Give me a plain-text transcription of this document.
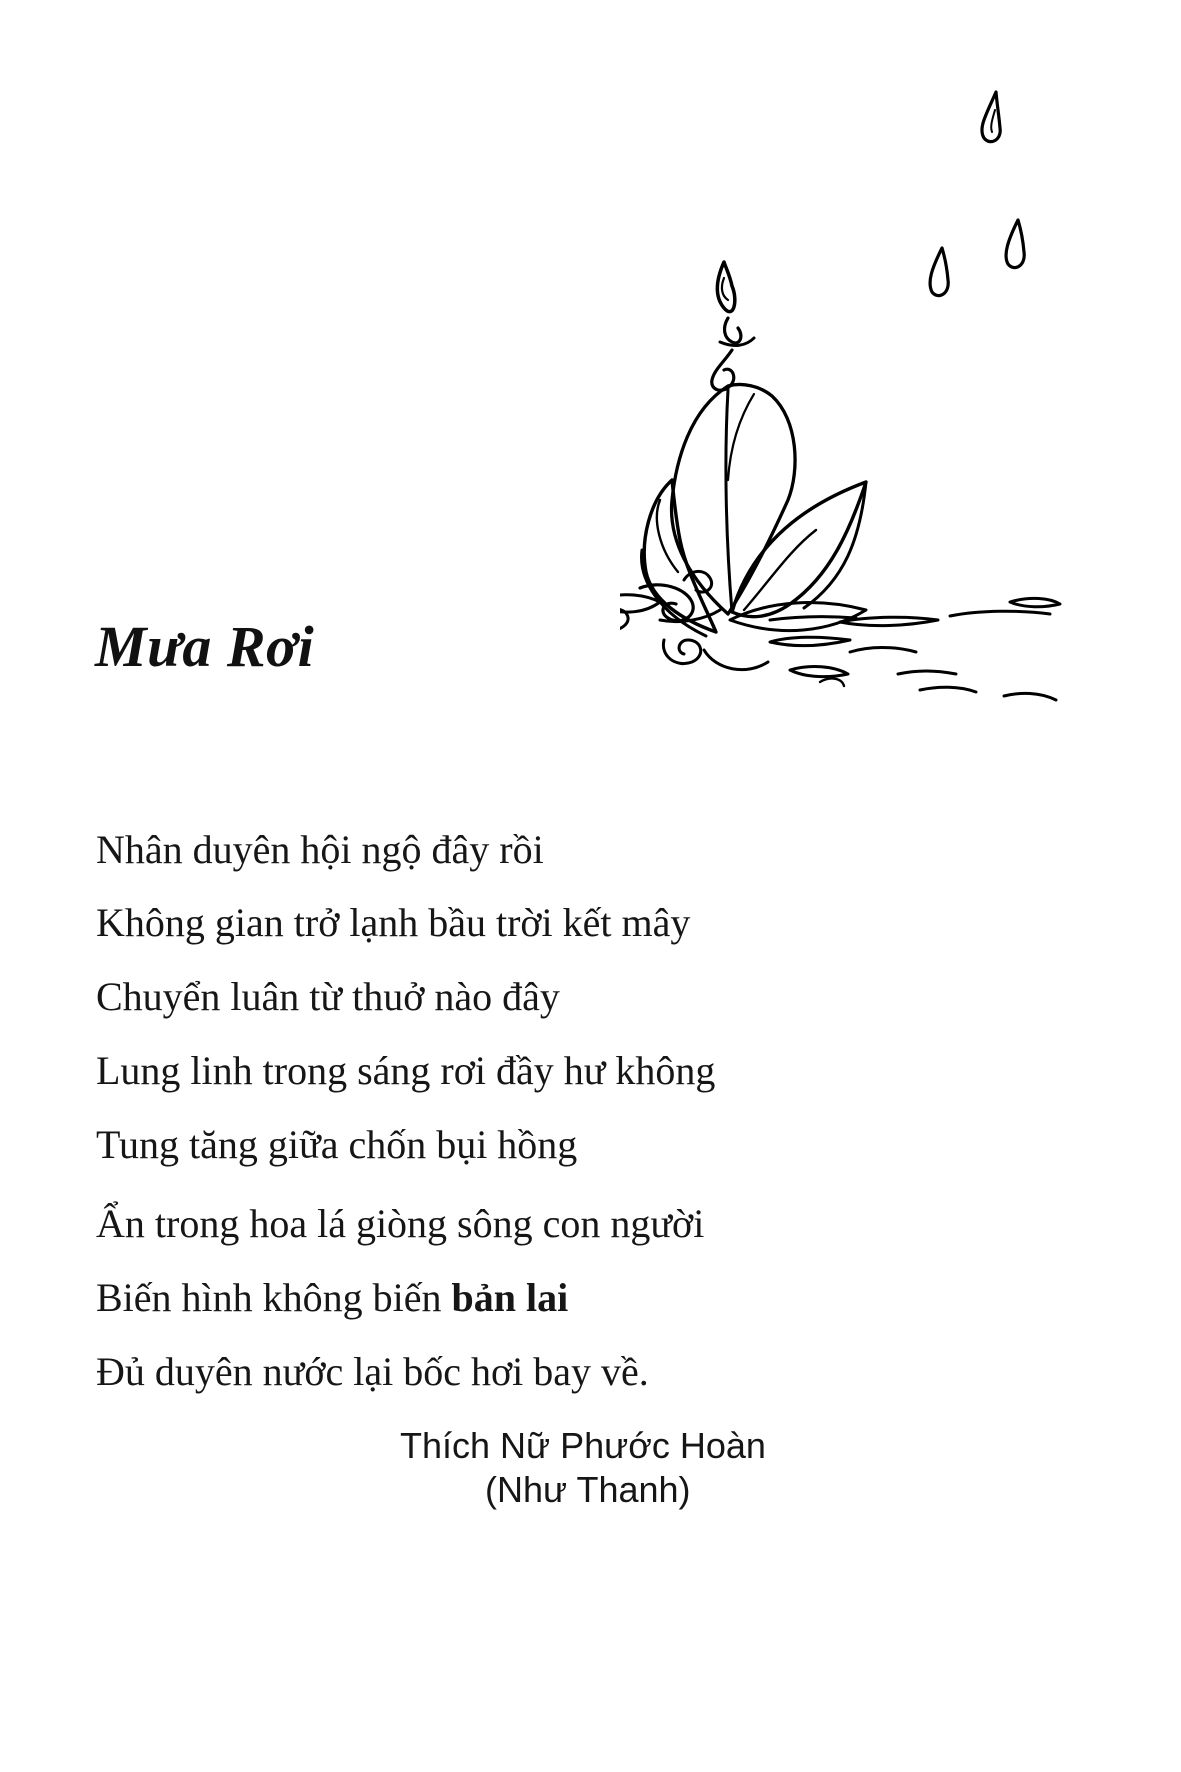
Mưa Rơi
Nhân duyên hội ngộ đây rồi
Không gian trở lạnh bầu trời kết mây
Chuyển luân từ thuở nào đây
Lung linh trong sáng rơi đầy hư không
Tung tăng giữa chốn bụi hồng
Ẩn trong hoa lá giòng sông con người
Biến hình không biến bản lai
Đủ duyên nước lại bốc hơi bay về.
Thích Nữ Phước Hoàn
(Như Thanh)
